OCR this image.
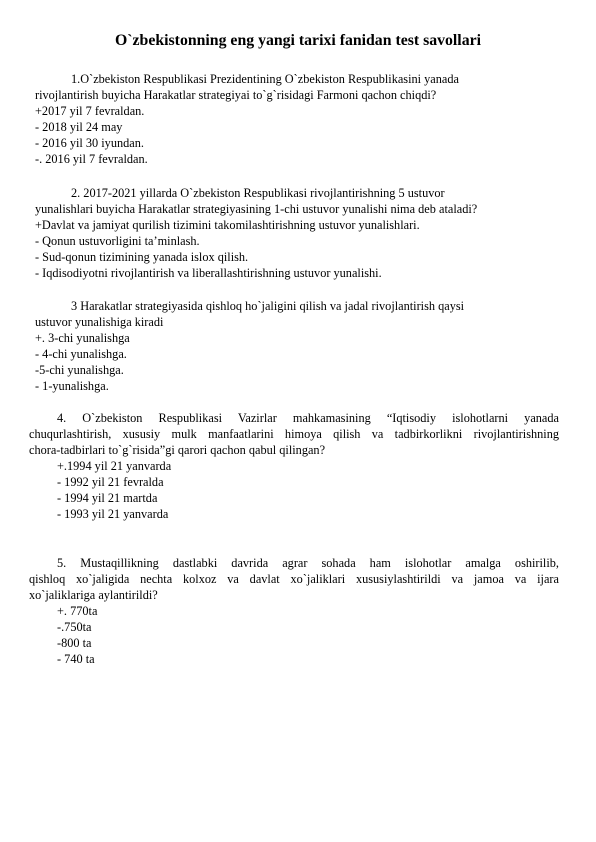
O`zbekistonning eng yangi tarixi fanidan test savollari
1.O`zbekiston Respublikasi Prezidentining O`zbekiston Respublikasini yanada
rivojlantirish buyicha Harakatlar strategiyai to`g`risidagi Farmoni qachon chiqdi?
+2017 yil 7 fevraldan.
- 2018 yil 24 may
- 2016 yil 30 iyundan.
-. 2016 yil 7 fevraldan.
2. 2017-2021 yillarda O`zbekiston Respublikasi rivojlantirishning 5 ustuvor
yunalishlari buyicha Harakatlar strategiyasining 1-chi ustuvor yunalishi nima deb ataladi?
+Davlat va jamiyat qurilish tizimini takomilashtirishning ustuvor yunalishlari.
- Qonun ustuvorligini ta’minlash.
- Sud-qonun tizimining yanada islox qilish.
- Iqdisodiyotni rivojlantirish va liberallashtirishning ustuvor yunalishi.
3 Harakatlar strategiyasida qishloq ho`jaligini qilish va jadal rivojlantirish qaysi
ustuvor yunalishiga kiradi
+. 3-chi yunalishga
- 4-chi yunalishga.
-5-chi yunalishga.
- 1-yunalishga.
4. O`zbekiston Respublikasi Vazirlar mahkamasining “Iqtisodiy islohotlarni yanada
chuqurlashtirish, xususiy mulk manfaatlarini himoya qilish va tadbirkorlikni rivojlantirishning
chora-tadbirlari to`g`risida”gi qarori qachon qabul qilingan?
+.1994 yil 21 yanvarda
- 1992 yil 21 fevralda
- 1994 yil 21 martda
- 1993 yil 21 yanvarda
5. Mustaqillikning dastlabki davrida agrar sohada ham islohotlar amalga oshirilib,
qishloq xo`jaligida nechta kolxoz va davlat xo`jaliklari xususiylashtirildi va jamoa va ijara
xo`jaliklariga aylantirildi?
+. 770ta
-.750ta
-800 ta
- 740 ta
